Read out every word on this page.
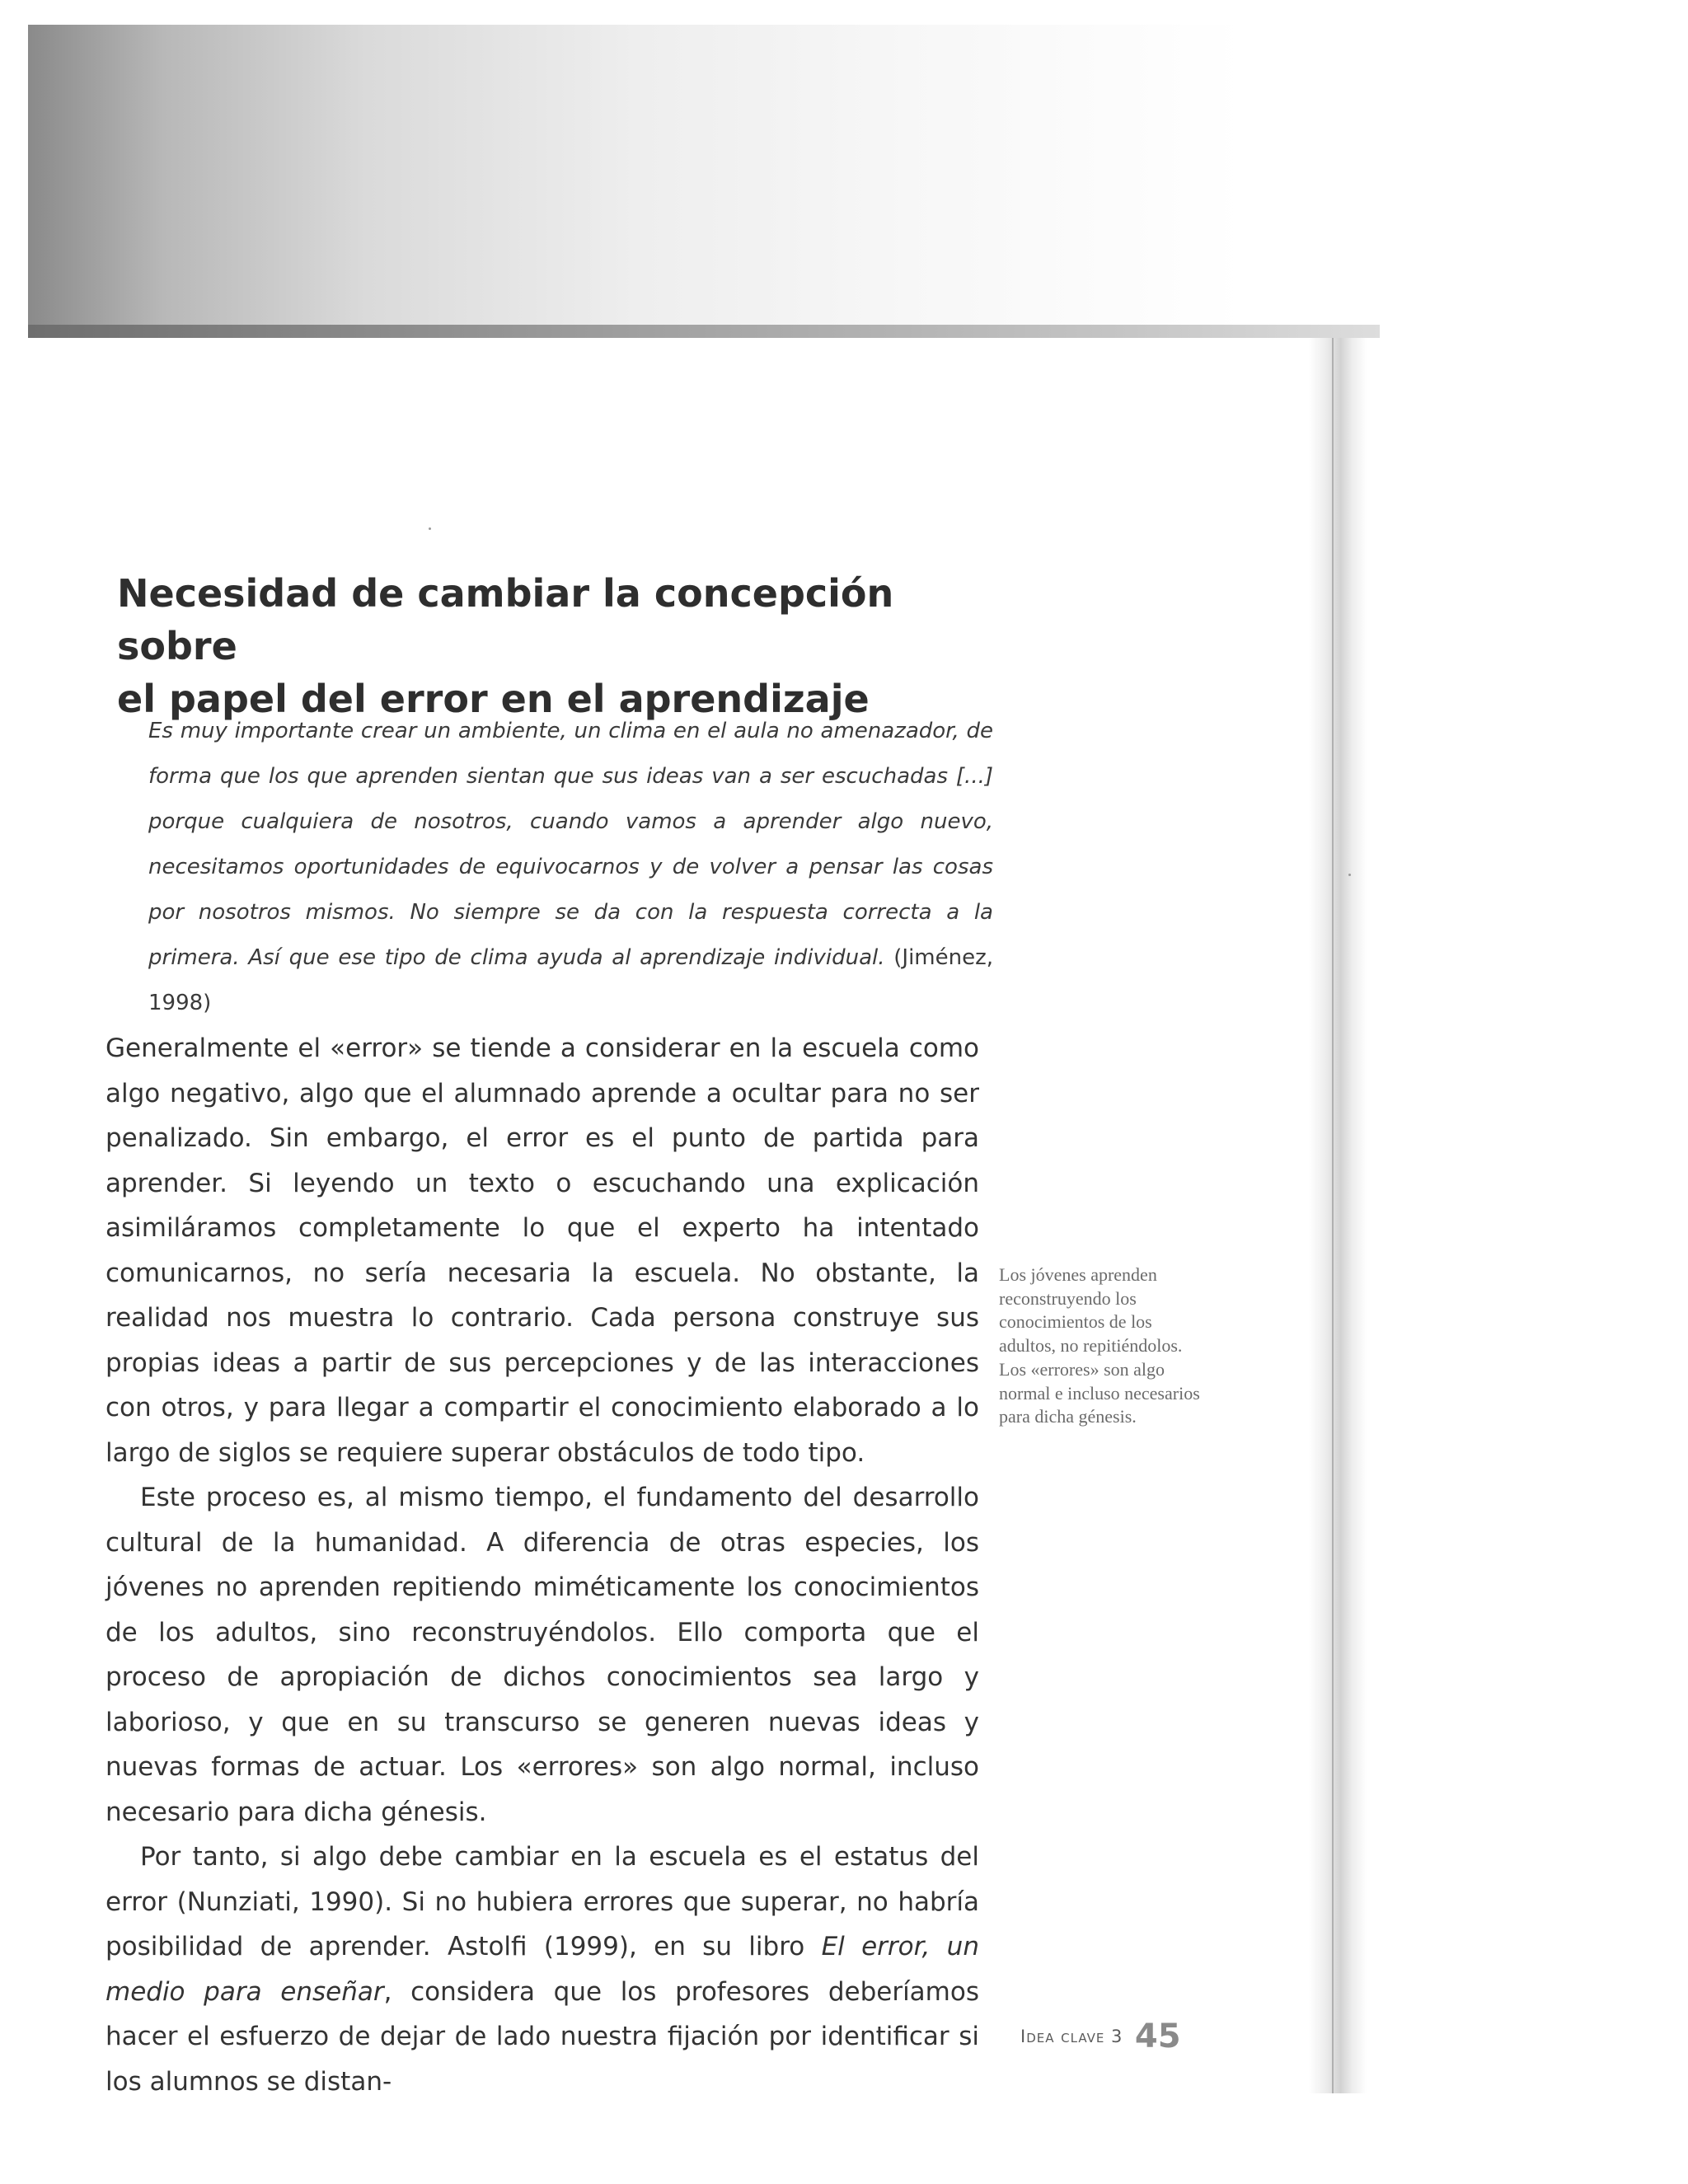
Necesidad de cambiar la concepción sobre
el papel del error en el aprendizaje

Es muy importante crear un ambiente, un clima en el aula no amenazador, de forma que los que aprenden sientan que sus ideas van a ser escuchadas [...] porque cualquiera de nosotros, cuando vamos a aprender algo nuevo, necesitamos oportunidades de equivocarnos y de volver a pensar las cosas por nosotros mismos. No siempre se da con la respuesta correcta a la primera. Así que ese tipo de clima ayuda al aprendizaje individual. (Jiménez, 1998)

Generalmente el «error» se tiende a considerar en la escuela como algo negativo, algo que el alumnado aprende a ocultar para no ser penalizado. Sin embargo, el error es el punto de partida para aprender. Si leyendo un texto o escuchando una explicación asimiláramos completamente lo que el experto ha intentado comunicarnos, no sería necesaria la escuela. No obstante, la realidad nos muestra lo contrario. Cada persona construye sus propias ideas a partir de sus percepciones y de las interacciones con otros, y para llegar a compartir el conocimiento elaborado a lo largo de siglos se requiere superar obstáculos de todo tipo.

Este proceso es, al mismo tiempo, el fundamento del desarrollo cultural de la humanidad. A diferencia de otras especies, los jóvenes no aprenden repitiendo miméticamente los conocimientos de los adultos, sino reconstruyéndolos. Ello comporta que el proceso de apropiación de dichos conocimientos sea largo y laborioso, y que en su transcurso se generen nuevas ideas y nuevas formas de actuar. Los «errores» son algo normal, incluso necesario para dicha génesis.

Por tanto, si algo debe cambiar en la escuela es el estatus del error (Nunziati, 1990). Si no hubiera errores que superar, no habría posibilidad de aprender. Astolfi (1999), en su libro El error, un medio para enseñar, considera que los profesores deberíamos hacer el esfuerzo de dejar de lado nuestra fijación por identificar si los alumnos se distan-

Los jóvenes aprenden reconstruyendo los conocimientos de los adultos, no repitiéndolos. Los «errores» son algo normal e incluso necesarios para dicha génesis.

Idea clave 3 45
